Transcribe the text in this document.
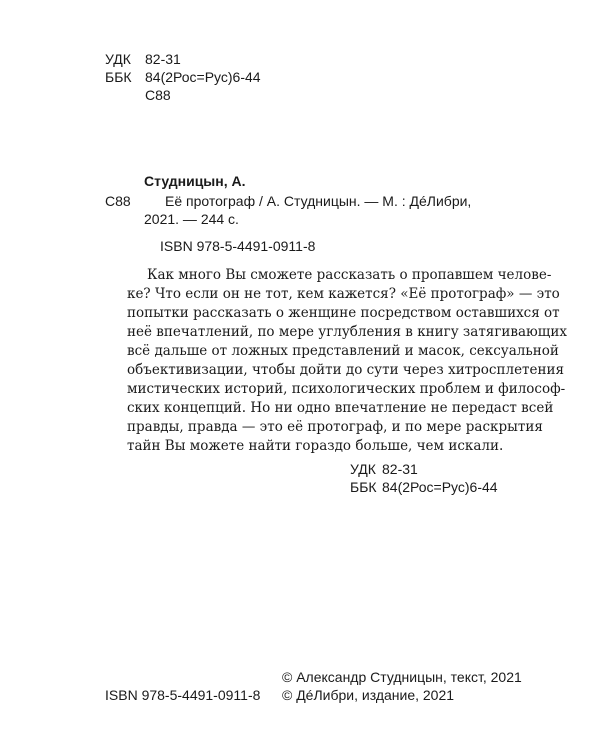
УДК	82-31
ББК 84(2Рос=Рус)6-44
С88
Студницын, А.
С88 Её протограф / А. Студницын. — М. : ДéЛибри,
2021. — 244 с.
ISBN 978-5-4491-0911-8
Как много Вы сможете рассказать о пропавшем челове-
ке? Что если он не тот, кем кажется? «Её протограф» — это
попытки рассказать о женщине посредством оставшихся от
неё впечатлений, по мере углубления в книгу затягивающих
всё дальше от ложных представлений и масок, сексуальной
объективизации, чтобы дойти до сути через хитросплетения
мистических историй, психологических проблем и философ-
ских концепций. Но ни одно впечатление не передаст всей
правды, правда — это её протограф, и по мере раскрытия
тайн Вы можете найти гораздо больше, чем искали.
УДК 82-31
ББК 84(2Рос=Рус)6-44
ISBN 978-5-4491-0911-8
© Александр Студницын, текст, 2021
© ДéЛибри, издание, 2021
